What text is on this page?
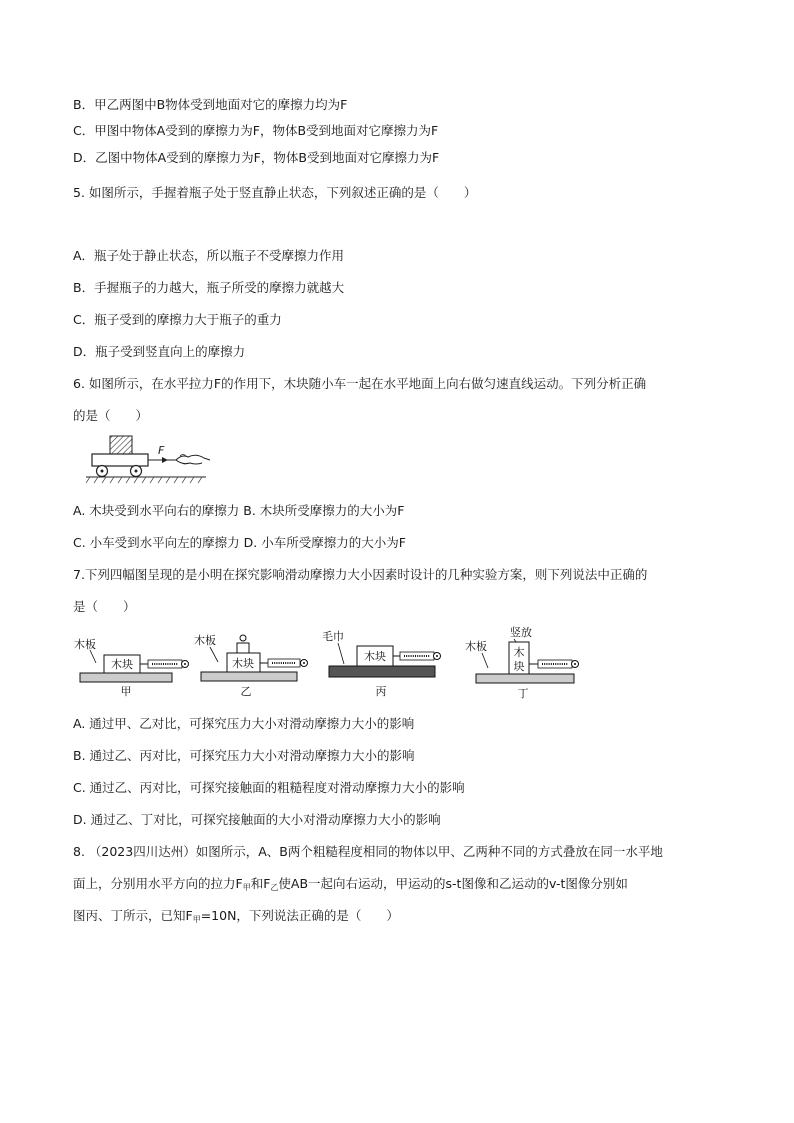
B．甲乙两图中B物体受到地面对它的摩擦力均为F
C．甲图中物体A受到的摩擦力为F，物体B受到地面对它摩擦力为F
D．乙图中物体A受到的摩擦力为F，物体B受到地面对它摩擦力为F
5. 如图所示，手握着瓶子处于竖直静止状态，下列叙述正确的是（　　）
A．瓶子处于静止状态，所以瓶子不受摩擦力作用
B．手握瓶子的力越大，瓶子所受的摩擦力就越大
C．瓶子受到的摩擦力大于瓶子的重力
D．瓶子受到竖直向上的摩擦力
6. 如图所示，在水平拉力F的作用下，木块随小车一起在水平地面上向右做匀速直线运动。下列分析正确
的是（　　）
F
A. 木块受到水平向右的摩擦力 B. 木块所受摩擦力的大小为F
C. 小车受到水平向左的摩擦力 D. 小车所受摩擦力的大小为F
7.下列四幅图呈现的是小明在探究影响滑动摩擦力大小因素时设计的几种实验方案，则下列说法中正确的
是（　　）
木板
木块
甲
木板
木块
乙
毛巾
木块
丙
竖放
木板 木
块
丁
A. 通过甲、乙对比，可探究压力大小对滑动摩擦力大小的影响
B. 通过乙、丙对比，可探究压力大小对滑动摩擦力大小的影响
C. 通过乙、丙对比，可探究接触面的粗糙程度对滑动摩擦力大小的影响
D. 通过乙、丁对比，可探究接触面的大小对滑动摩擦力大小的影响
8. （2023四川达州）如图所示，A、B两个粗糙程度相同的物体以甲、乙两种不同的方式叠放在同一水平地
面上，分别用水平方向的拉力$F_甲$和$F_乙$使AB一起向右运动，甲运动的s-t图像和乙运动的v-t图像分别如
图丙、丁所示，已知$F_甲=10N$，下列说法正确的是（　　）
